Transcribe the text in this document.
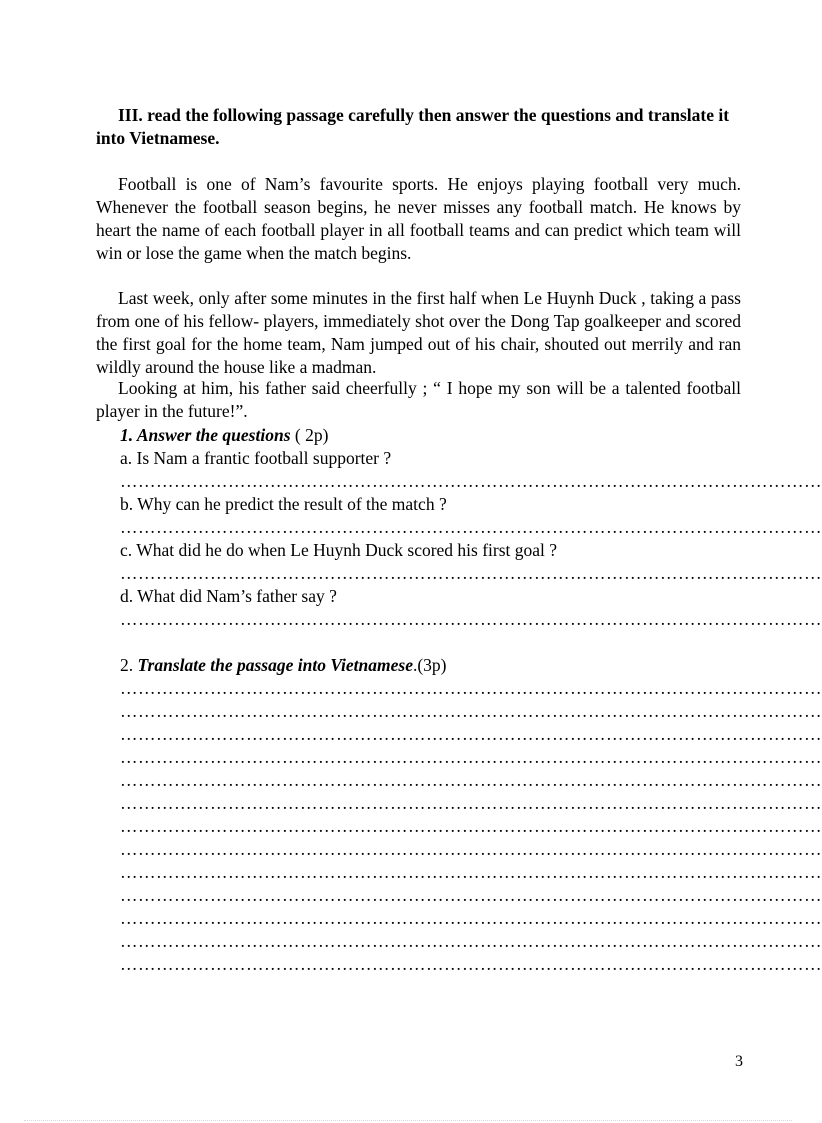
III. read the following passage carefully then answer the questions and translate it into Vietnamese.
Football is one of Nam’s favourite sports. He enjoys playing football very much. Whenever the football season begins, he never misses any football match. He knows by heart the name of each football player in all football teams and can predict which team will win or lose the game when the match begins.
Last week, only after some minutes in the first half when Le Huynh Duck , taking a pass from one of his fellow- players, immediately shot over the Dong Tap goalkeeper and scored the first goal for the home team, Nam jumped out of his chair, shouted out merrily and ran wildly around the house like a madman.
Looking at him, his father said cheerfully ; “ I hope my son will be a talented football player in the future!”.
1. Answer the questions ( 2p)
a. Is Nam a frantic football supporter ?
………………………………………………………………………………………………………
b. Why can he predict the result of the match ?
………………………………………………………………………………………………………
c. What did he do when Le Huynh Duck scored his first goal ?
………………………………………………………………………………………………………
d. What did Nam’s father say ?
………………………………………………………………………………………………………
2. Translate the passage into Vietnamese.(3p)
………………………………………………………………………………………………………
………………………………………………………………………………………………………
………………………………………………………………………………………………………
………………………………………………………………………………………………………
………………………………………………………………………………………………………
………………………………………………………………………………………………………
………………………………………………………………………………………………………
………………………………………………………………………………………………………
………………………………………………………………………………………………………
………………………………………………………………………………………………………
………………………………………………………………………………………………………
………………………………………………………………………………………………………
………………………………………………………………………………………………………
3
